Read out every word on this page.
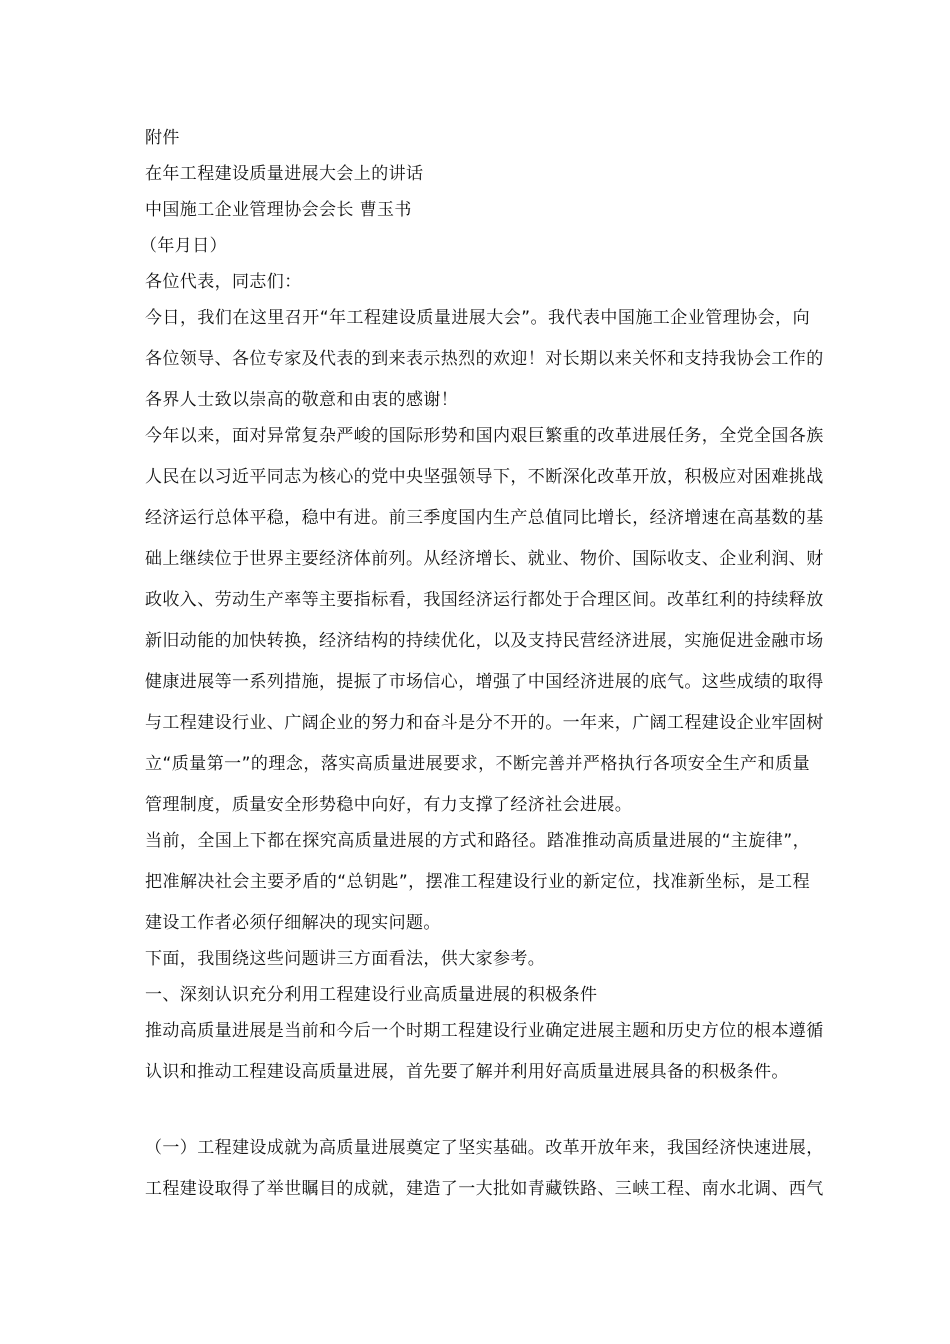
附件
在年工程建设质量进展大会上的讲话
中国施工企业管理协会会长 曹玉书
（年月日）
各位代表，同志们：
今日，我们在这里召开“年工程建设质量进展大会”。我代表中国施工企业管理协会，向
各位领导、各位专家及代表的到来表示热烈的欢迎！对长期以来关怀和支持我协会工作的
各界人士致以崇高的敬意和由衷的感谢！
今年以来，面对异常复杂严峻的国际形势和国内艰巨繁重的改革进展任务，全党全国各族
人民在以习近平同志为核心的党中央坚强领导下，不断深化改革开放，积极应对困难挑战
经济运行总体平稳，稳中有进。前三季度国内生产总值同比增长，经济增速在高基数的基
础上继续位于世界主要经济体前列。从经济增长、就业、物价、国际收支、企业利润、财
政收入、劳动生产率等主要指标看，我国经济运行都处于合理区间。改革红利的持续释放
新旧动能的加快转换，经济结构的持续优化，以及支持民营经济进展，实施促进金融市场
健康进展等一系列措施，提振了市场信心，增强了中国经济进展的底气。这些成绩的取得
与工程建设行业、广阔企业的努力和奋斗是分不开的。一年来，广阔工程建设企业牢固树
立“质量第一”的理念，落实高质量进展要求，不断完善并严格执行各项安全生产和质量
管理制度，质量安全形势稳中向好，有力支撑了经济社会进展。
当前，全国上下都在探究高质量进展的方式和路径。踏准推动高质量进展的“主旋律”，
把准解决社会主要矛盾的“总钥匙”，摆准工程建设行业的新定位，找准新坐标，是工程
建设工作者必须仔细解决的现实问题。
下面，我围绕这些问题讲三方面看法，供大家参考。
一、深刻认识充分利用工程建设行业高质量进展的积极条件
推动高质量进展是当前和今后一个时期工程建设行业确定进展主题和历史方位的根本遵循
认识和推动工程建设高质量进展，首先要了解并利用好高质量进展具备的积极条件。
（一）工程建设成就为高质量进展奠定了坚实基础。改革开放年来，我国经济快速进展，
工程建设取得了举世瞩目的成就，建造了一大批如青藏铁路、三峡工程、南水北调、西气
